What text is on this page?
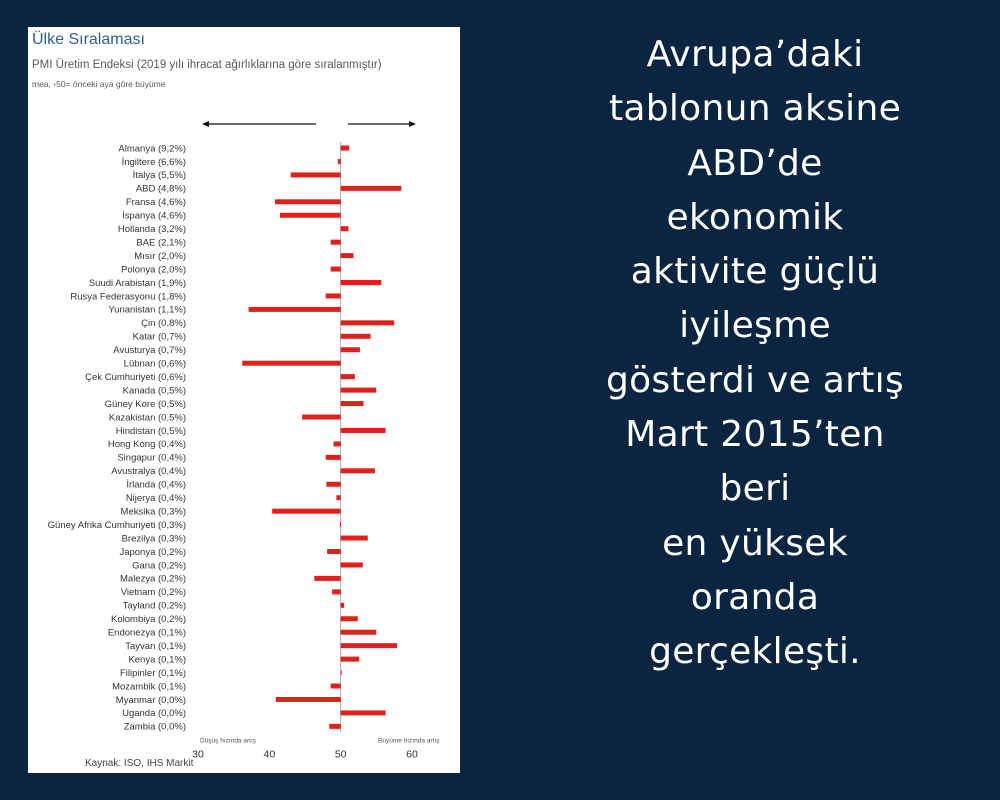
Ülke Sıralaması
PMI Üretim Endeksi (2019 yılı ihracat ağırlıklarına göre sıralanmıştır)
mea, ›50= önceki aya göre büyüme
Almanya (9,2%)
İngiltere (6,6%)
İtalya (5,5%)
ABD (4,8%)
Fransa (4,6%)
İspanya (4,6%)
Hollanda (3,2%)
BAE (2,1%)
Mısır (2,0%)
Polonya (2,0%)
Suudi Arabistan (1,9%)
Rusya Federasyonu (1,8%)
Yunanistan (1,1%)
Çin (0,8%)
Katar (0,7%)
Avusturya (0,7%)
Lübnan (0,6%)
Çek Cumhuriyeti (0,6%)
Kanada (0,5%)
Güney Kore (0,5%)
Kazakistan (0,5%)
Hindistan (0,5%)
Hong Kong (0,4%)
Singapur (0,4%)
Avustralya (0,4%)
İrlanda (0,4%)
Nijerya (0,4%)
Meksika (0,3%)
Güney Afrika Cumhuriyeti (0,3%)
Brezilya (0,3%)
Japonya (0,2%)
Gana (0,2%)
Malezya (0,2%)
Vietnam (0,2%)
Tayland (0,2%)
Kolombiya (0,2%)
Endonezya (0,1%)
Tayvan (0,1%)
Kenya (0,1%)
Filipinler (0,1%)
Mozambik (0,1%)
Myanmar (0,0%)
Uganda (0,0%)
Zambia (0,0%)
Düşüş hızında artış	Büyüme hızında artış
30	40	50	60
Kaynak: ISO, IHS Markit
Avrupa’daki
tablonun aksine
ABD’de
ekonomik
aktivite güçlü
iyileşme
gösterdi ve artış
Mart 2015’ten
beri
en yüksek
oranda
gerçekleşti.
